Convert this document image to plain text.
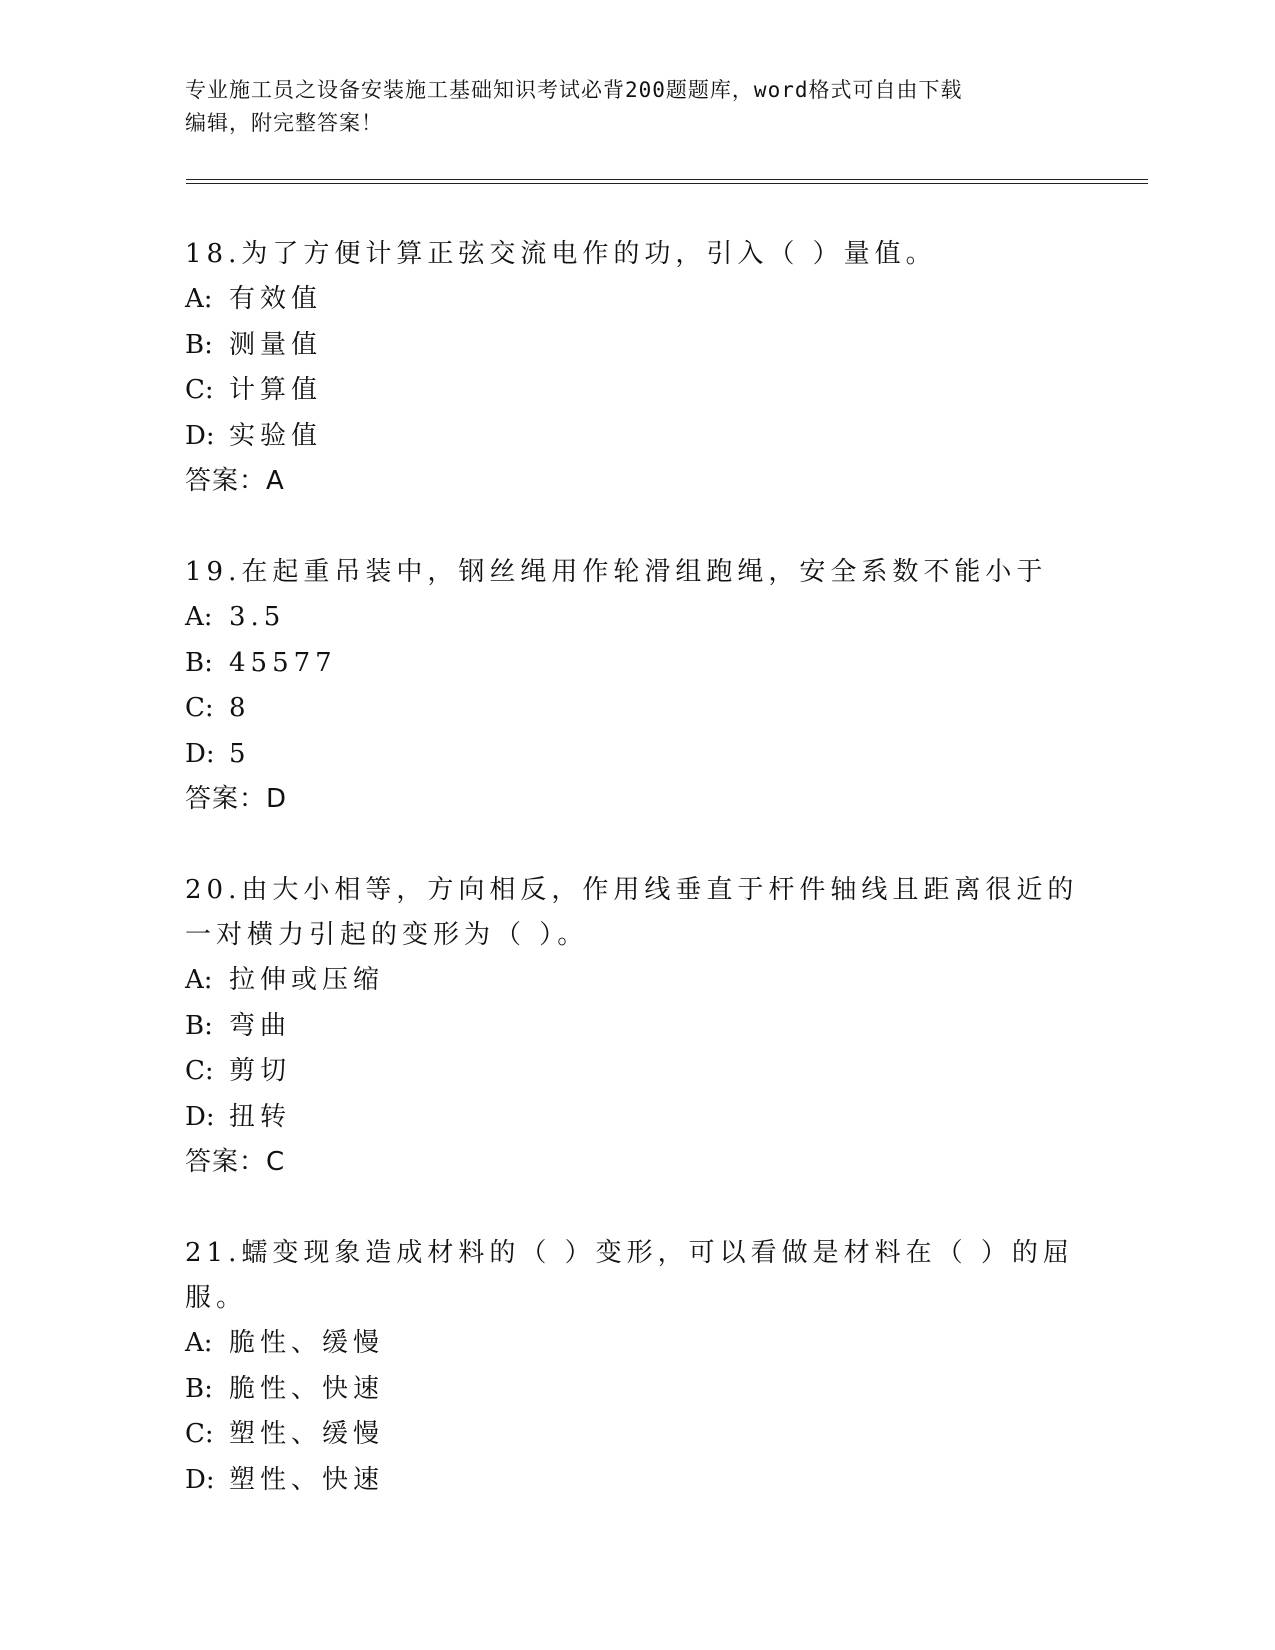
专业施工员之设备安装施工基础知识考试必背200题题库，word格式可自由下载
编辑，附完整答案！
18.为了方便计算正弦交流电作的功，引入（ ）量值。
A: 有效值
B: 测量值
C: 计算值
D: 实验值
答案：A
19.在起重吊装中，钢丝绳用作轮滑组跑绳，安全系数不能小于
A: 3.5
B: 45577
C: 8
D: 5
答案：D
20.由大小相等，方向相反，作用线垂直于杆件轴线且距离很近的一对横力引起的变形为（ ）。
A: 拉伸或压缩
B: 弯曲
C: 剪切
D: 扭转
答案：C
21.蠕变现象造成材料的（ ）变形，可以看做是材料在（ ）的屈服。
A: 脆性、缓慢
B: 脆性、快速
C: 塑性、缓慢
D: 塑性、快速
